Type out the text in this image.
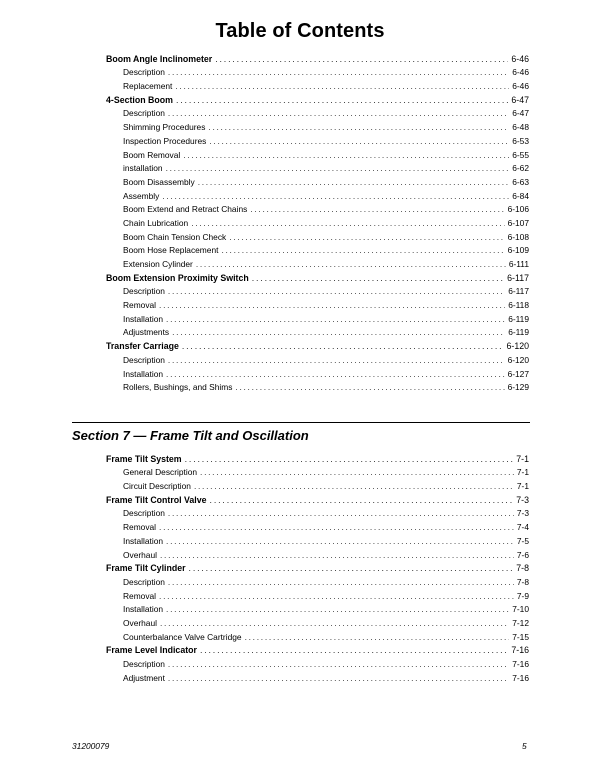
Table of Contents
Boom Angle Inclinometer . . .	6-46
Description . . .	6-46
Replacement . . .	6-46
4-Section Boom . . .	6-47
Description . . .	6-47
Shimming Procedures . . .	6-48
Inspection Procedures . . .	6-53
Boom Removal . . .	6-55
installation . . .	6-62
Boom Disassembly . . .	6-63
Assembly . . .	6-84
Boom Extend and Retract Chains . . .	6-106
Chain Lubrication . . .	6-107
Boom Chain Tension Check . . .	6-108
Boom Hose Replacement . . .	6-109
Extension Cylinder . . .	6-111
Boom Extension Proximity Switch . . .	6-117
Description . . .	6-117
Removal . . .	6-118
Installation . . .	6-119
Adjustments . . .	6-119
Transfer Carriage . . .	6-120
Description . . .	6-120
Installation . . .	6-127
Rollers, Bushings, and Shims . . .	6-129
Section 7 — Frame Tilt and Oscillation
Frame Tilt System . . .	7-1
General Description . . .	7-1
Circuit Description . . .	7-1
Frame Tilt Control Valve . . .	7-3
Description . . .	7-3
Removal . . .	7-4
Installation . . .	7-5
Overhaul . . .	7-6
Frame Tilt Cylinder . . .	7-8
Description . . .	7-8
Removal . . .	7-9
Installation . . .	7-10
Overhaul . . .	7-12
Counterbalance Valve Cartridge . . .	7-15
Frame Level Indicator . . .	7-16
Description . . .	7-16
Adjustment . . .	7-16
31200079	5
